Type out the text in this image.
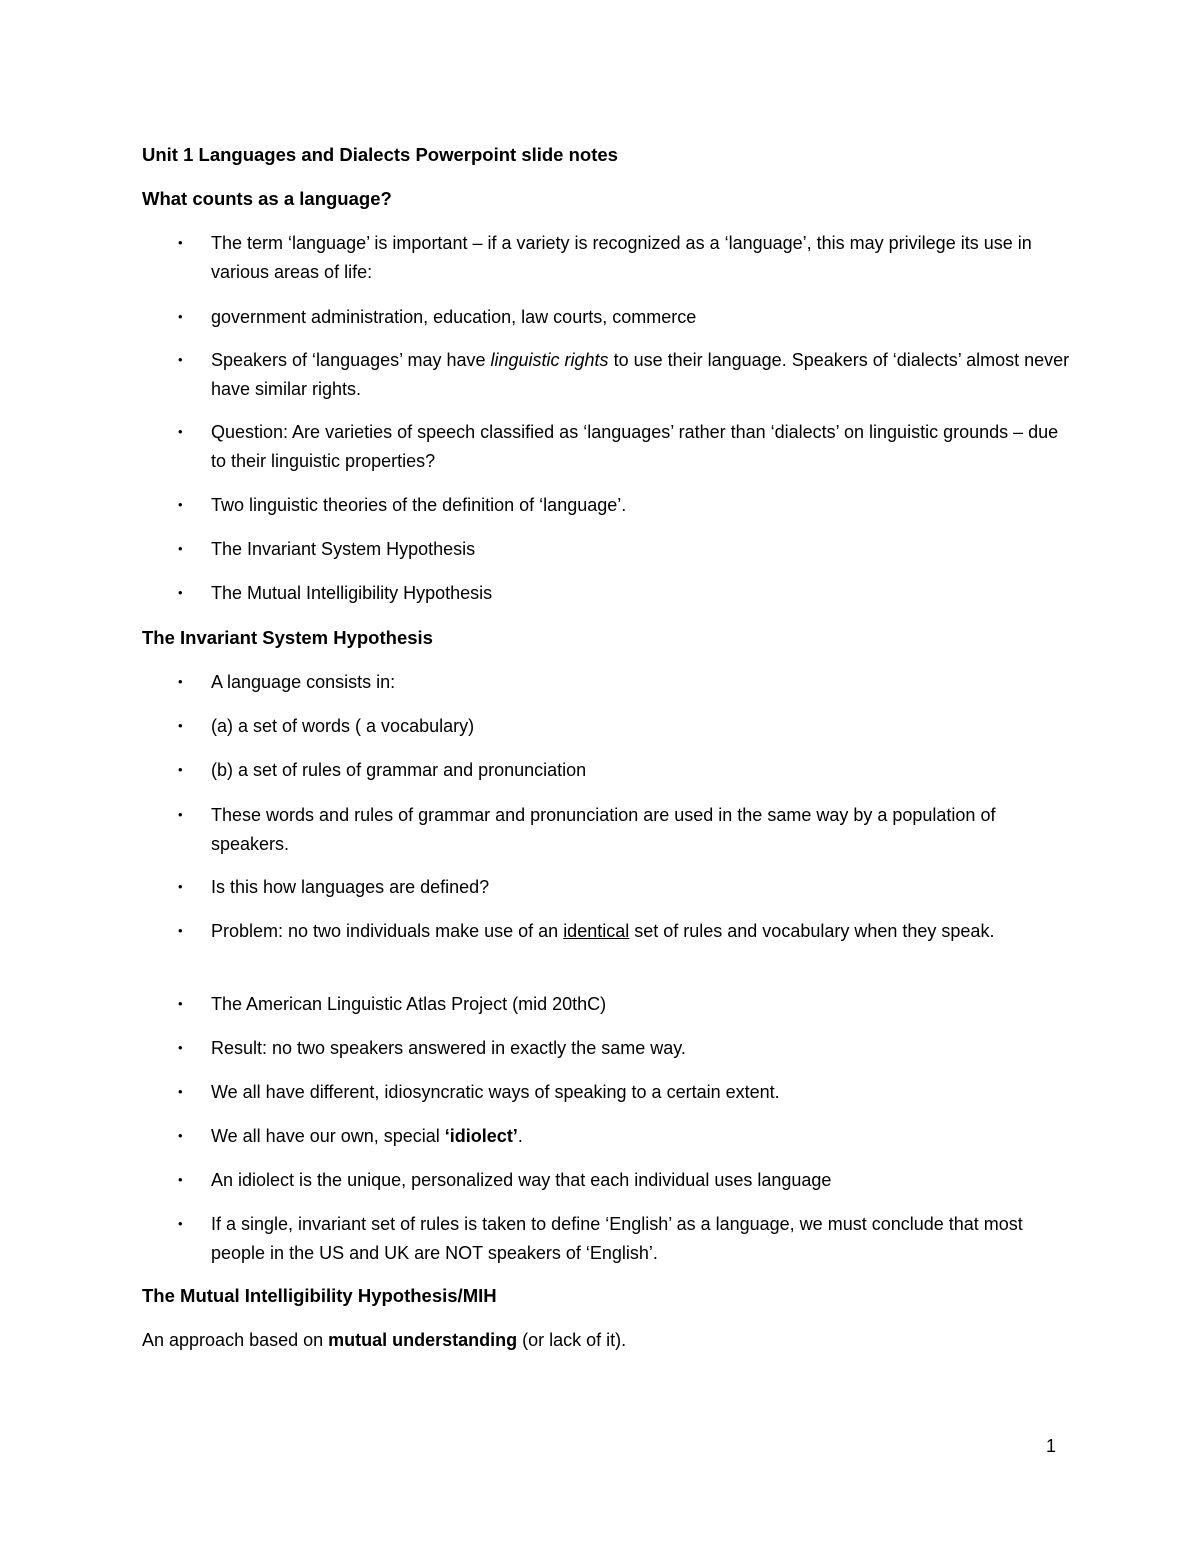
Unit 1 Languages and Dialects Powerpoint slide notes
What counts as a language?
• The term ‘language’ is important – if a variety is recognized as a ‘language’, this may privilege its use in various areas of life:
• government administration, education, law courts, commerce
• Speakers of ‘languages’ may have linguistic rights to use their language. Speakers of ‘dialects’ almost never have similar rights.
• Question: Are varieties of speech classified as ‘languages’ rather than ‘dialects’ on linguistic grounds – due to their linguistic properties?
• Two linguistic theories of the definition of ‘language’.
• The Invariant System Hypothesis
• The Mutual Intelligibility Hypothesis
The Invariant System Hypothesis
• A language consists in:
• (a) a set of words ( a vocabulary)
• (b) a set of rules of grammar and pronunciation
• These words and rules of grammar and pronunciation are used in the same way by a population of speakers.
• Is this how languages are defined?
• Problem: no two individuals make use of an identical set of rules and vocabulary when they speak.
• The American Linguistic Atlas Project (mid 20thC)
• Result: no two speakers answered in exactly the same way.
• We all have different, idiosyncratic ways of speaking to a certain extent.
• We all have our own, special ‘idiolect’.
• An idiolect is the unique, personalized way that each individual uses language
• If a single, invariant set of rules is taken to define ‘English’ as a language, we must conclude that most people in the US and UK are NOT speakers of ‘English’.
The Mutual Intelligibility Hypothesis/MIH

An approach based on mutual understanding (or lack of it).

1
